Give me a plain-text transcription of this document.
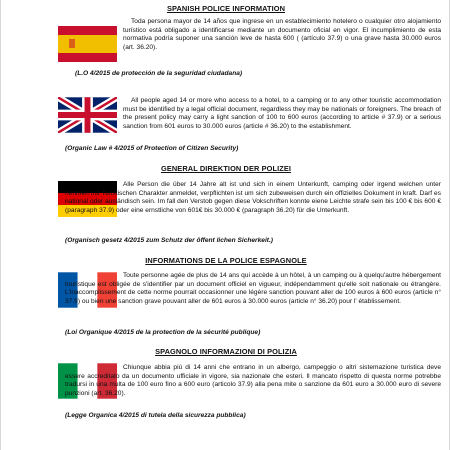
SPANISH POLICE INFORMATION

Toda persona mayor de 14 años que ingrese en un establecimiento hotelero o cualquier otro alojamiento turístico está obligado a identificarse mediante un documento oficial en vigor. El incumplimiento de esta normativa podría suponer una sanción leve de hasta 600 ( (artículo 37.9) o una grave hasta 30.000 euros (art. 36.20).

(L.O 4/2015 de protección de la seguridad ciudadana)

All people aged 14 or more who access to a hotel, to a camping or to any other touristic accommodation must be identified by a legal official document, regardless they may be nationals or foreigners. The breach of the present policy may carry a light sanction of 100 to 600 euros (according to article # 37.9) or a serious sanction from 601 euros to 30.000 euros (article # 36.20) to the establishment.

(Organic Law # 4/2015 of Protection of Citizen Security)
GENERAL DIREKTION DER POLIZEI

Alle Person die über 14 Jahre alt ist und sich in einem Unterkunft, camping oder irgend welchen unter nehmen mit Turistischen Charakter anmeldet, verpflichten ist um sich zubeweisen durch ein offizielles Dokument in kraft. Darf es national oder ausländisch sein. Im fall den Verstob gegen diese Vokschriften konnte eiene Leichte strafe sein bis 100 € bis 600 € (paragraph 37.9) oder eine ernstliche von 601€ bis 30.000 € (paragraph 36.20) für die Unterkunft.

(Organisch gesetz 4/2015 zum Schutz der öffent lichen Sicherkeit.)
INFORMATIONS DE LA POLICE ESPAGNOLE

Toute personne agée de plus de 14 ans qui accède à un hôtel, à un camping ou à quelqu'autre hébergement touristique est obligée de s'identifier par un document officiel en vigueur, indépendamment qu'elle soit nationale ou étrangère. L'inaccomplissement de cette norme pourrait occasionner une légère sanction pouvant aller de 100 euros à 600 euros (article n° 37.9) ou bien une sanction grave pouvant aller de 601 euros à 30.000 euros (article n° 36.20) pour l' établissement.

(Loi Organique 4/2015 de la protection de la sécurité publique)
SPAGNOLO INFORMAZIONI DI POLIZIA

Chiunque abbia più di 14 anni che entrano in un albergo, campeggio o altri sistemazione turistica deve essere accreditato da un documento ufficiale in vigore, sia nazionale che esteri. Il mancato rispetto di questa norme potrebbe tradursi in una multa de 100 euro fino a 600 euro (articolo 37.9) alla pena mite o sanzione da 601 euro a 30.000 euro di severe punzioni (art. 36.20).

(Legge Organica 4/2015 di tutela della sicurezza pubblica)
